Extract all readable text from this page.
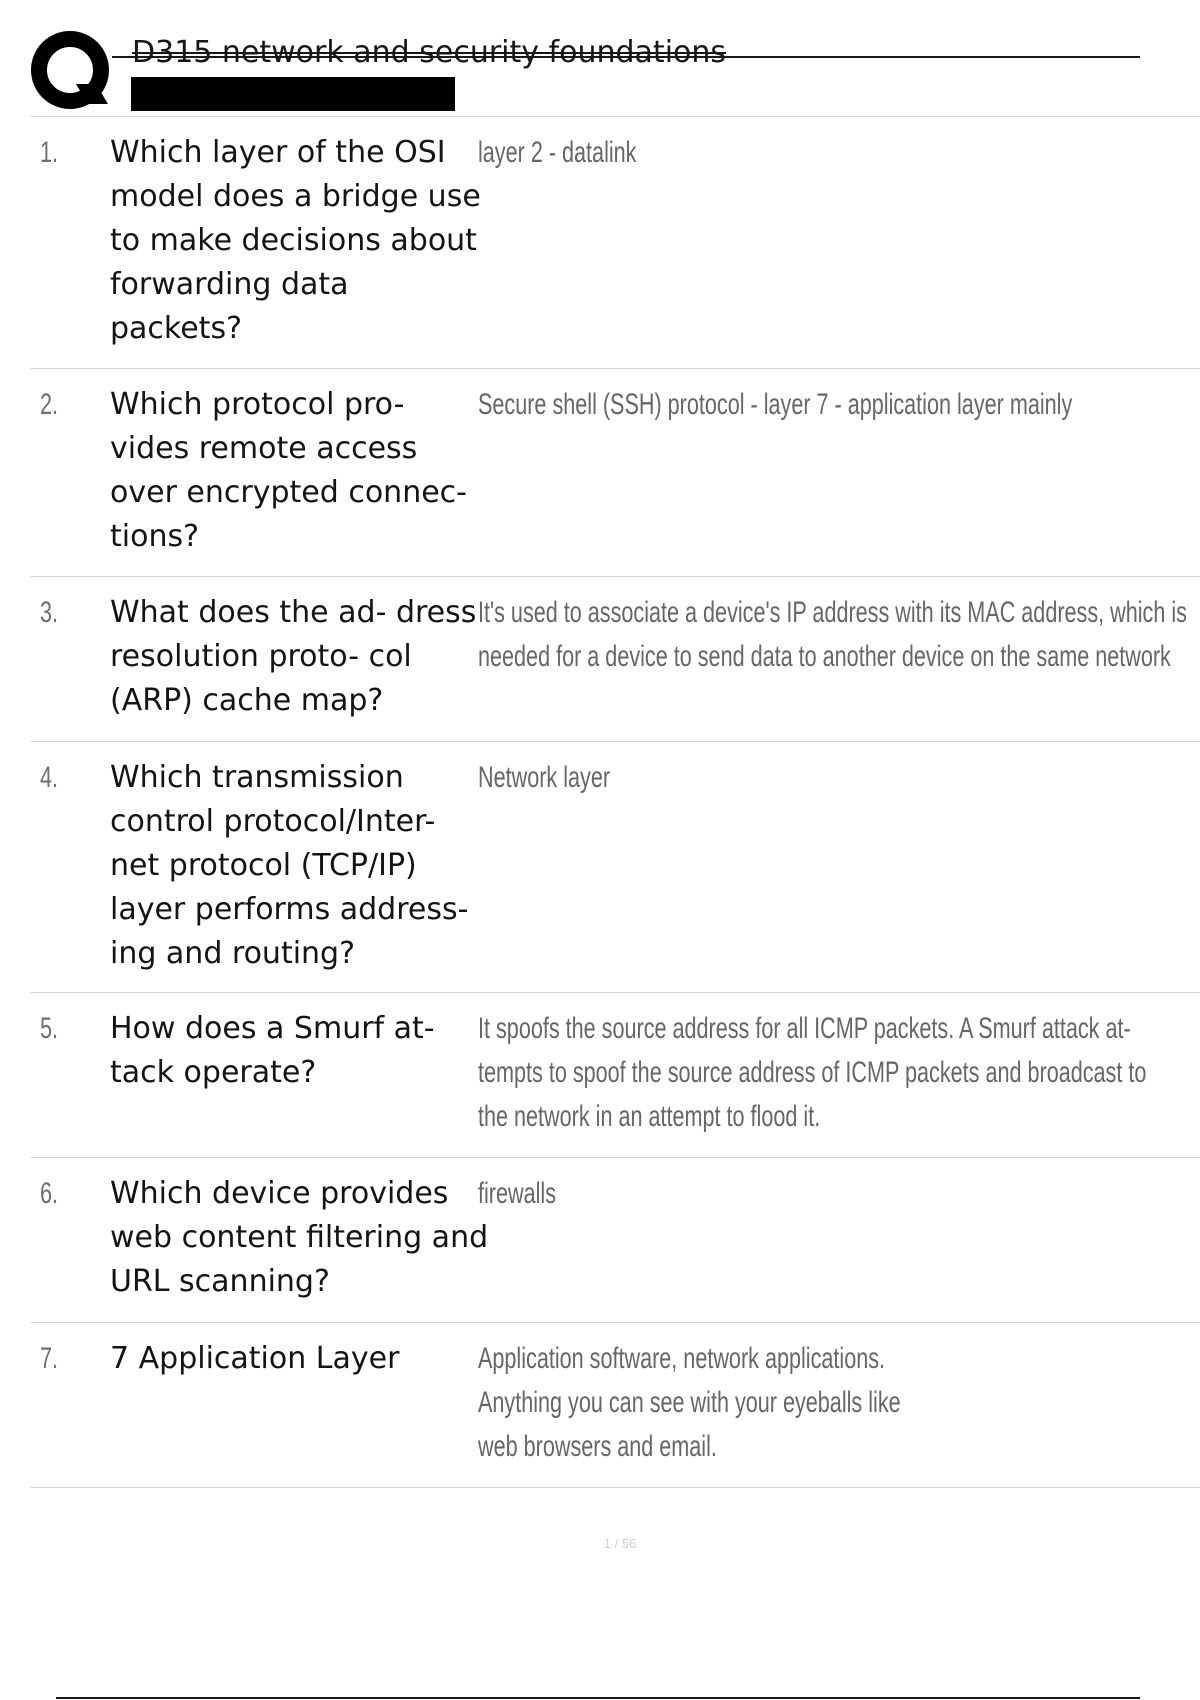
D315 network and security foundations
1.	Which layer of the OSI model does a bridge use to make decisions about forwarding data packets?
layer 2 - datalink
2.	Which protocol pro- vides remote access over encrypted connec- tions?
Secure shell (SSH) protocol - layer 7 - application layer mainly
3.	What does the ad- dress resolution proto- col (ARP) cache map?
It's used to associate a device's IP address with its MAC address, which is
needed for a device to send data to another device on the same network
4.	Which transmission control protocol/Inter- net protocol (TCP/IP) layer performs address- ing and routing?
Network layer
5.	How does a Smurf at- tack operate?
It spoofs the source address for all ICMP packets. A Smurf attack at-
tempts to spoof the source address of ICMP packets and broadcast to
the network in an attempt to flood it.
6.	Which device provides web content filtering and URL scanning?
firewalls
7.	7 Application Layer	Application software, network applications.
Anything you can see with your eyeballs like
web browsers and email.
1 / 56
